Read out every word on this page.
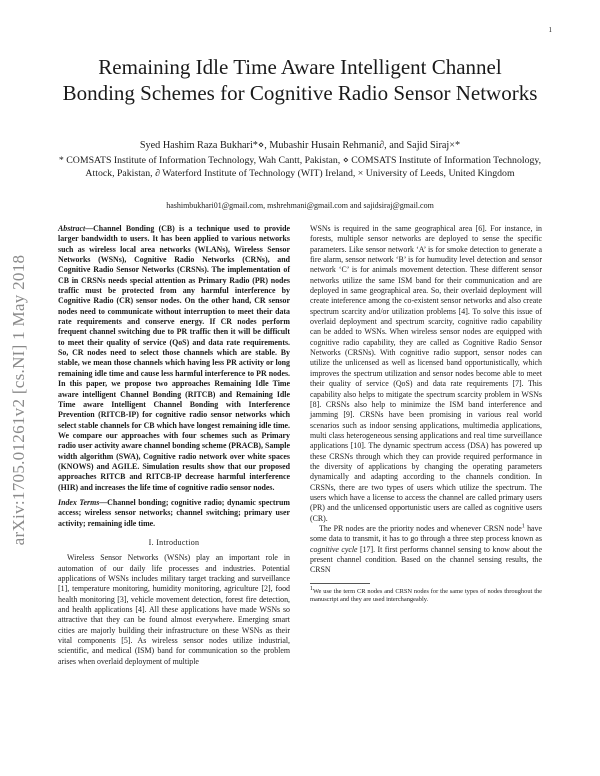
1
arXiv:1705.01261v2 [cs.NI] 1 May 2018
Remaining Idle Time Aware Intelligent Channel Bonding Schemes for Cognitive Radio Sensor Networks
Syed Hashim Raza Bukhari*⋄, Mubashir Husain Rehmani∂, and Sajid Siraj×*
* COMSATS Institute of Information Technology, Wah Cantt, Pakistan, ⋄ COMSATS Institute of Information Technology, Attock, Pakistan, ∂ Waterford Institute of Technology (WIT) Ireland, × University of Leeds, United Kingdom
hashimbukhari01@gmail.com, mshrehmani@gmail.com and sajidsiraj@gmail.com

Abstract—Channel Bonding (CB) is a technique used to provide larger bandwidth to users. It has been applied to various networks such as wireless local area networks (WLANs), Wireless Sensor Networks (WSNs), Cognitive Radio Networks (CRNs), and Cognitive Radio Sensor Networks (CRSNs). The implementation of CB in CRSNs needs special attention as Primary Radio (PR) nodes traffic must be protected from any harmful interference by Cognitive Radio (CR) sensor nodes. On the other hand, CR sensor nodes need to communicate without interruption to meet their data rate requirements and conserve energy. If CR nodes perform frequent channel switching due to PR traffic then it will be difficult to meet their quality of service (QoS) and data rate requirements. So, CR nodes need to select those channels which are stable. By stable, we mean those channels which having less PR activity or long remaining idle time and cause less harmful interference to PR nodes. In this paper, we propose two approaches Remaining Idle Time aware intelligent Channel Bonding (RITCB) and Remaining Idle Time aware Intelligent Channel Bonding with Interference Prevention (RITCB-IP) for cognitive radio sensor networks which select stable channels for CB which have longest remaining idle time. We compare our approaches with four schemes such as Primary radio user activity aware channel bonding scheme (PRACB), Sample width algorithm (SWA), Cognitive radio network over white spaces (KNOWS) and AGILE. Simulation results show that our proposed approaches RITCB and RITCB-IP decrease harmful interference (HIR) and increases the life time of cognitive radio sensor nodes.

Index Terms—Channel bonding; cognitive radio; dynamic spectrum access; wireless sensor networks; channel switching; primary user activity; remaining idle time.

I. Introduction

Wireless Sensor Networks (WSNs) play an important role in automation of our daily life processes and industries. Potential applications of WSNs includes military target tracking and surveillance [1], temperature monitoring, humidity monitoring, agriculture [2], food health monitoring [3], vehicle movement detection, forest fire detection, and health applications [4]. All these applications have made WSNs so attractive that they can be found almost everywhere. Emerging smart cities are majorly building their infrastructure on these WSNs as their vital components [5]. As wireless sensor nodes utilize industrial, scientific, and medical (ISM) band for communication so the problem arises when overlaid deployment of multiple

WSNs is required in the same geographical area [6]. For instance, in forests, multiple sensor networks are deployed to sense the specific parameters. Like sensor network ‘A’ is for smoke detection to generate a fire alarm, sensor network ‘B’ is for humudity level detection and sensor network ‘C’ is for animals movement detection. These different sensor networks utilize the same ISM band for their communication and are deployed in same geographical area. So, their overlaid deployment will create inteference among the co-existent sensor networks and also create spectrum scarcity and/or utilization problems [4]. To solve this issue of overlaid deployment and spectrum scarcity, cognitive radio capability can be added to WSNs. When wireless sensor nodes are equipped with cognitive radio capability, they are called as Cognitive Radio Sensor Networks (CRSNs). With cognitive radio support, sensor nodes can utilize the unlicensed as well as licensed band opportunistically, which improves the spectrum utilization and sensor nodes become able to meet their quality of service (QoS) and data rate requirements [7]. This capability also helps to mitigate the spectrum scarcity problem in WSNs [8]. CRSNs also help to minimize the ISM band interference and jamming [9]. CRSNs have been promising in various real world scenarios such as indoor sensing applications, multimedia applications, multi class heterogeneous sensing applications and real time surveillance applications [10]. The dynamic spectrum access (DSA) has powered up these CRSNs through which they can provide required performance in the diversity of applications by changing the operating parameters dynamically and adapting according to the channels condition. In CRSNs, there are two types of users which utilize the spectrum. The users which have a license to access the channel are called primary users (PR) and the unlicensed opportunistic users are called as cognitive users (CR).

The PR nodes are the priority nodes and whenever CRSN node$^1$ have some data to transmit, it has to go through a three step process known as cognitive cycle [17]. It first performs channel sensing to know about the present channel condition. Based on the channel sensing results, the CRSN

$^1$We use the term CR nodes and CRSN nodes for the same types of nodes throughout the manuscript and they are used interchangeably.
